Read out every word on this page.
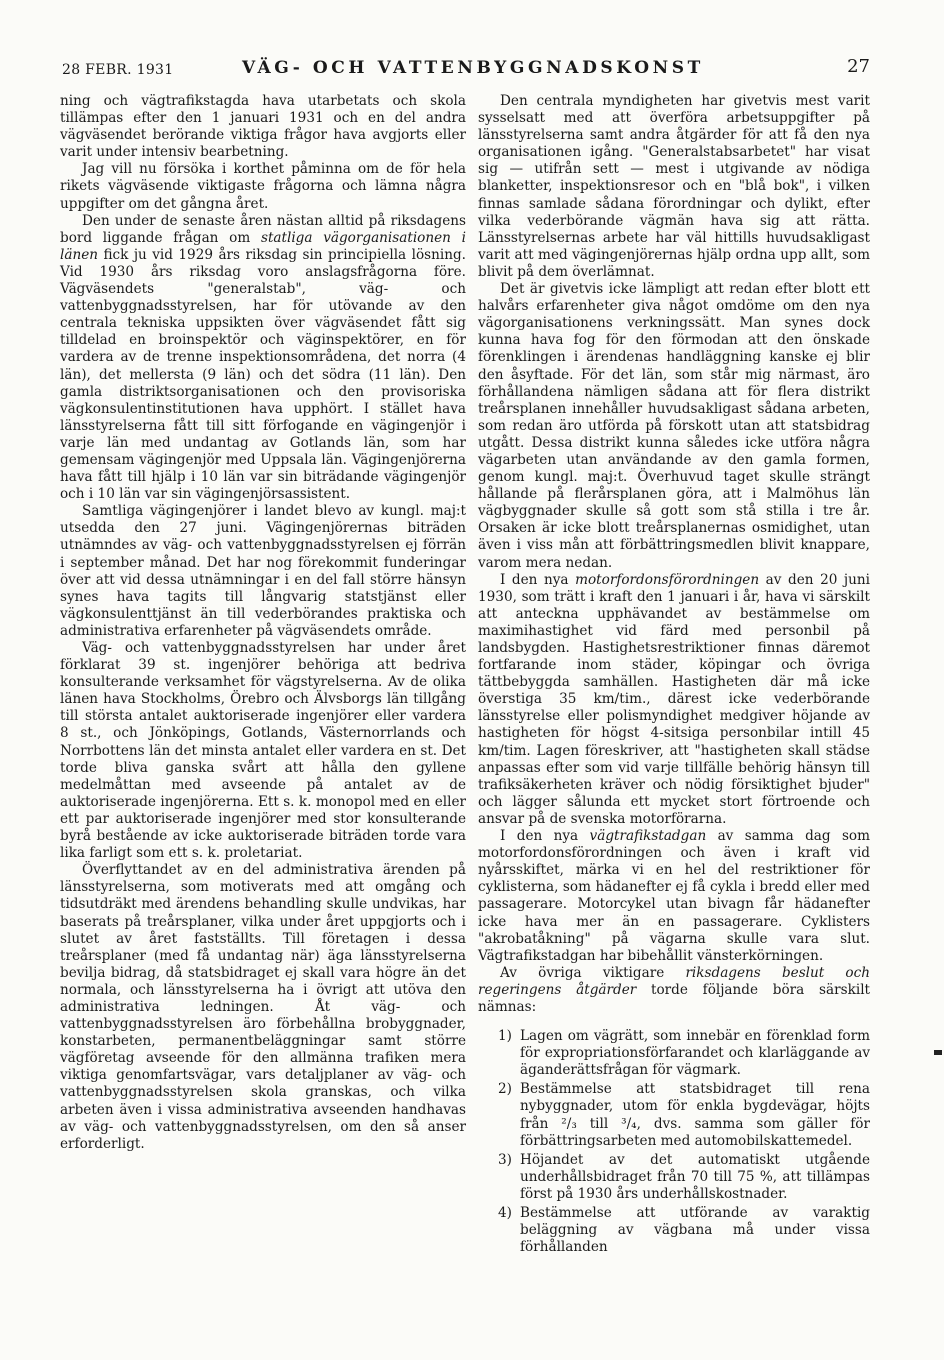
28 FEBR. 1931	VÄG- OCH VATTENBYGGNADSKONST	27

ning och vägtrafikstagda hava utarbetats och skola tillämpas efter den 1 januari 1931 och en del andra vägväsendet berörande viktiga frågor hava avgjorts eller varit under intensiv bearbetning.

Jag vill nu försöka i korthet påminna om de för hela rikets vägväsende viktigaste frågorna och lämna några uppgifter om det gångna året.

Den under de senaste åren nästan alltid på riksdagens bord liggande frågan om statliga vägorganisationen i länen fick ju vid 1929 års riksdag sin principiella lösning. Vid 1930 års riksdag voro anslagsfrågorna före. Vägväsendets "generalstab", väg- och vattenbyggnadsstyrelsen, har för utövande av den centrala tekniska uppsikten över vägväsendet fått sig tilldelad en broinspektör och väginspektörer, en för vardera av de trenne inspektionsområdena, det norra (4 län), det mellersta (9 län) och det södra (11 län). Den gamla distriktsorganisationen och den provisoriska vägkonsulentinstitutionen hava upphört. I stället hava länsstyrelserna fått till sitt förfogande en vägingenjör i varje län med undantag av Gotlands län, som har gemensam vägingenjör med Uppsala län. Vägingenjörerna hava fått till hjälp i 10 län var sin biträdande vägingenjör och i 10 län var sin vägingenjörsassistent.

Samtliga vägingenjörer i landet blevo av kungl. maj:t utsedda den 27 juni. Vägingenjörernas biträden utnämndes av väg- och vattenbyggnadsstyrelsen ej förrän i september månad. Det har nog förekommit funderingar över att vid dessa utnämningar i en del fall större hänsyn synes hava tagits till långvarig statstjänst eller vägkonsulenttjänst än till vederbörandes praktiska och administrativa erfarenheter på vägväsendets område.

Väg- och vattenbyggnadsstyrelsen har under året förklarat 39 st. ingenjörer behöriga att bedriva konsulterande verksamhet för vägstyrelserna. Av de olika länen hava Stockholms, Örebro och Älvsborgs län tillgång till största antalet auktoriserade ingenjörer eller vardera 8 st., och Jönköpings, Gotlands, Västernorrlands och Norrbottens län det minsta antalet eller vardera en st. Det torde bliva ganska svårt att hålla den gyllene medelmåttan med avseende på antalet av de auktoriserade ingenjörerna. Ett s. k. monopol med en eller ett par auktoriserade ingenjörer med stor konsulterande byrå bestående av icke auktoriserade biträden torde vara lika farligt som ett s. k. proletariat.

Överflyttandet av en del administrativa ärenden på länsstyrelserna, som motiverats med att omgång och tidsutdräkt med ärendens behandling skulle undvikas, har baserats på treårsplaner, vilka under året uppgjorts och i slutet av året fastställts. Till företagen i dessa treårsplaner (med få undantag när) äga länsstyrelserna bevilja bidrag, då statsbidraget ej skall vara högre än det normala, och länsstyrelserna ha i övrigt att utöva den administrativa ledningen. Åt väg- och vattenbyggnadsstyrelsen äro förbehållna brobyggnader, konstarbeten, permanentbeläggningar samt större vägföretag avseende för den allmänna trafiken mera viktiga genomfartsvägar, vars detaljplaner av väg- och vattenbyggnadsstyrelsen skola granskas, och vilka arbeten även i vissa administrativa avseenden handhavas av väg- och vattenbyggnadsstyrelsen, om den så anser erforderligt.

Den centrala myndigheten har givetvis mest varit sysselsatt med att överföra arbetsuppgifter på länsstyrelserna samt andra åtgärder för att få den nya organisationen igång. "Generalstabsarbetet" har visat sig — utifrån sett — mest i utgivande av nödiga blanketter, inspektionsresor och en "blå bok", i vilken finnas samlade sådana förordningar och dylikt, efter vilka vederbörande vägmän hava sig att rätta. Länsstyrelsernas arbete har väl hittills huvudsakligast varit att med vägingenjörernas hjälp ordna upp allt, som blivit på dem överlämnat.

Det är givetvis icke lämpligt att redan efter blott ett halvårs erfarenheter giva något omdöme om den nya vägorganisationens verkningssätt. Man synes dock kunna hava fog för den förmodan att den önskade förenklingen i ärendenas handläggning kanske ej blir den åsyftade. För det län, som står mig närmast, äro förhållandena nämligen sådana att för flera distrikt treårsplanen innehåller huvudsakligast sådana arbeten, som redan äro utförda på förskott utan att statsbidrag utgått. Dessa distrikt kunna således icke utföra några vägarbeten utan användande av den gamla formen, genom kungl. maj:t. Överhuvud taget skulle strängt hållande på flerårsplanen göra, att i Malmöhus län vägbyggnader skulle så gott som stå stilla i tre år. Orsaken är icke blott treårsplanernas osmidighet, utan även i viss mån att förbättringsmedlen blivit knappare, varom mera nedan.

I den nya motorfordonsförordningen av den 20 juni 1930, som trätt i kraft den 1 januari i år, hava vi särskilt att anteckna upphävandet av bestämmelse om maximihastighet vid färd med personbil på landsbygden. Hastighetsrestriktioner finnas däremot fortfarande inom städer, köpingar och övriga tättbebyggda samhällen. Hastigheten där må icke överstiga 35 km/tim., därest icke vederbörande länsstyrelse eller polismyndighet medgiver höjande av hastigheten för högst 4-sitsiga personbilar intill 45 km/tim. Lagen föreskriver, att "hastigheten skall städse anpassas efter som vid varje tillfälle behörig hänsyn till trafiksäkerheten kräver och nödig försiktighet bjuder" och lägger sålunda ett mycket stort förtroende och ansvar på de svenska motorförarna.

I den nya vägtrafikstadgan av samma dag som motorfordonsförordningen och även i kraft vid nyårsskiftet, märka vi en hel del restriktioner för cyklisterna, som hädanefter ej få cykla i bredd eller med passagerare. Motorcykel utan bivagn får hädanefter icke hava mer än en passagerare. Cyklisters "akrobatåkning" på vägarna skulle vara slut. Vägtrafikstadgan har bibehållit vänsterkörningen.

Av övriga viktigare riksdagens beslut och regeringens åtgärder torde följande böra särskilt nämnas:

1) Lagen om vägrätt, som innebär en förenklad form för expropriationsförfarandet och klarläggande av äganderättsfrågan för vägmark.
2) Bestämmelse att statsbidraget till rena nybyggnader, utom för enkla bygdevägar, höjts från ²/₃ till ³/₄, dvs. samma som gäller för förbättringsarbeten med automobilskattemedel.
3) Höjandet av det automatiskt utgående underhållsbidraget från 70 till 75 %, att tillämpas först på 1930 års underhållskostnader.
4) Bestämmelse att utförande av varaktig beläggning av vägbana må under vissa förhållanden
